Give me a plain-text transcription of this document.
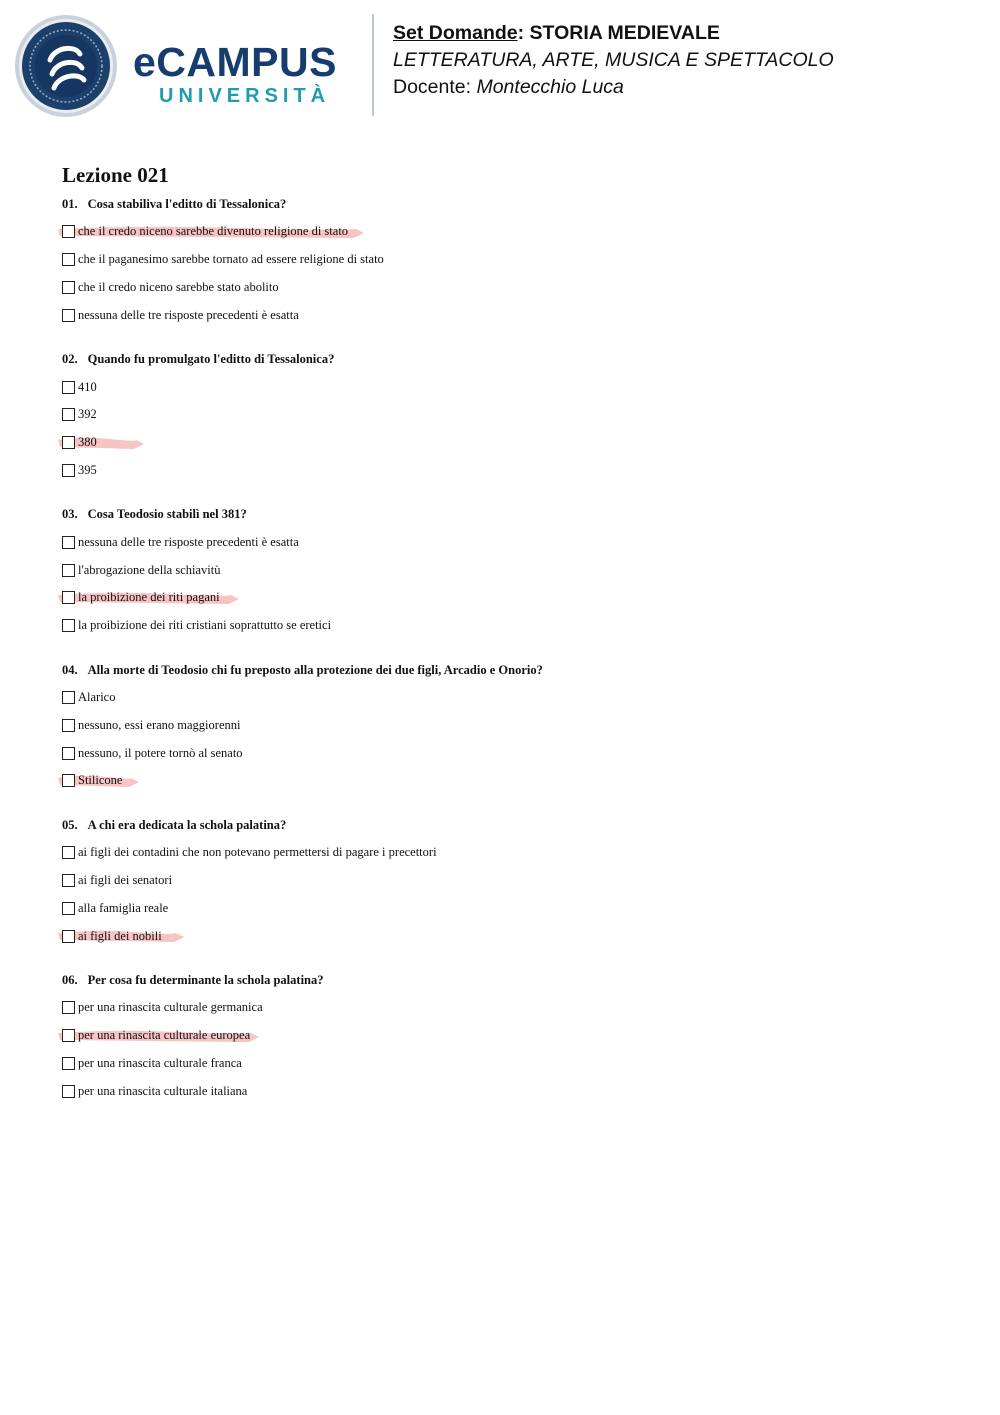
eCAMPUS
UNIVERSITÀ
Set Domande: STORIA MEDIEVALE
LETTERATURA, ARTE, MUSICA E SPETTACOLO
Docente: Montecchio Luca
Lezione 021
01. Cosa stabiliva l'editto di Tessalonica?
che il credo niceno sarebbe divenuto religione di stato
che il paganesimo sarebbe tornato ad essere religione di stato
che il credo niceno sarebbe stato abolito
nessuna delle tre risposte precedenti è esatta
02. Quando fu promulgato l'editto di Tessalonica?
410
392
380
395
03. Cosa Teodosio stabilì nel 381?
nessuna delle tre risposte precedenti è esatta
l'abrogazione della schiavitù
la proibizione dei riti pagani
la proibizione dei riti cristiani soprattutto se eretici
04. Alla morte di Teodosio chi fu preposto alla protezione dei due figli, Arcadio e Onorio?
Alarico
nessuno, essi erano maggiorenni
nessuno, il potere tornò al senato
Stilicone
05. A chi era dedicata la schola palatina?
ai figli dei contadini che non potevano permettersi di pagare i precettori
ai figli dei senatori
alla famiglia reale
ai figli dei nobili
06. Per cosa fu determinante la schola palatina?
per una rinascita culturale germanica
per una rinascita culturale europea
per una rinascita culturale franca
per una rinascita culturale italiana
